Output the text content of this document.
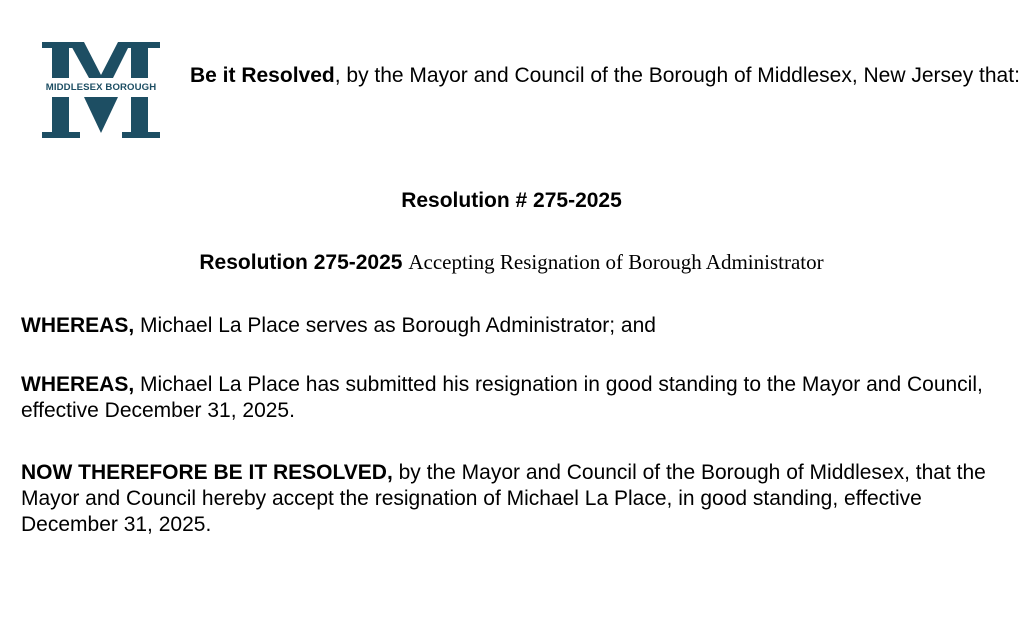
MIDDLESEX BOROUGH
Be it Resolved, by the Mayor and Council of the Borough of Middlesex, New Jersey that:
Resolution # 275-2025
Resolution 275-2025 Accepting Resignation of Borough Administrator
WHEREAS, Michael La Place serves as Borough Administrator; and
WHEREAS, Michael La Place has submitted his resignation in good standing to the Mayor and Council, effective December 31, 2025.
NOW THEREFORE BE IT RESOLVED, by the Mayor and Council of the Borough of Middlesex, that the Mayor and Council hereby accept the resignation of Michael La Place, in good standing, effective December 31, 2025.
